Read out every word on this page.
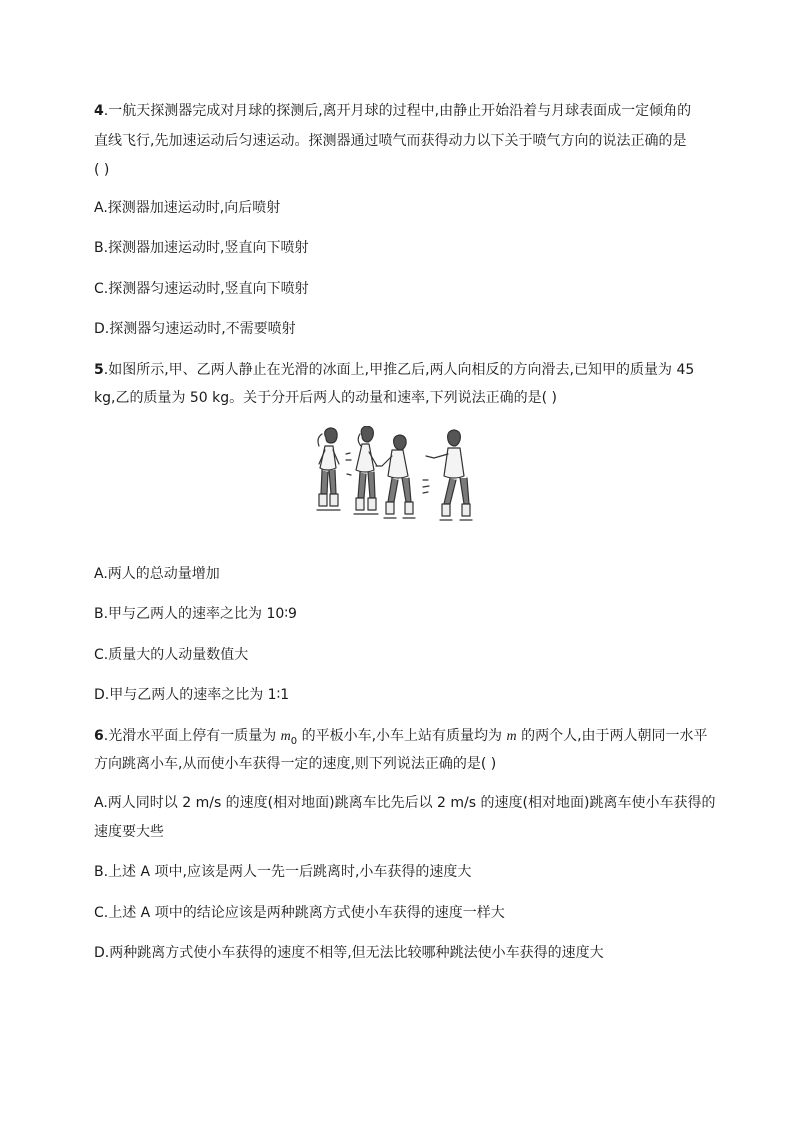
4.一航天探测器完成对月球的探测后,离开月球的过程中,由静止开始沿着与月球表面成一定倾角的
直线飞行,先加速运动后匀速运动。探测器通过喷气而获得动力以下关于喷气方向的说法正确的是
( )
A.探测器加速运动时,向后喷射
B.探测器加速运动时,竖直向下喷射
C.探测器匀速运动时,竖直向下喷射
D.探测器匀速运动时,不需要喷射
5.如图所示,甲、乙两人静止在光滑的冰面上,甲推乙后,两人向相反的方向滑去,已知甲的质量为 45
kg,乙的质量为 50 kg。关于分开后两人的动量和速率,下列说法正确的是( )
A.两人的总动量增加
B.甲与乙两人的速率之比为 10∶9
C.质量大的人动量数值大
D.甲与乙两人的速率之比为 1∶1
6.光滑水平面上停有一质量为 $m_0$ 的平板小车,小车上站有质量均为 m 的两个人,由于两人朝同一水平
方向跳离小车,从而使小车获得一定的速度,则下列说法正确的是( )
A.两人同时以 2 m/s 的速度(相对地面)跳离车比先后以 2 m/s 的速度(相对地面)跳离车使小车获得的
速度要大些
B.上述 A 项中,应该是两人一先一后跳离时,小车获得的速度大
C.上述 A 项中的结论应该是两种跳离方式使小车获得的速度一样大
D.两种跳离方式使小车获得的速度不相等,但无法比较哪种跳法使小车获得的速度大
